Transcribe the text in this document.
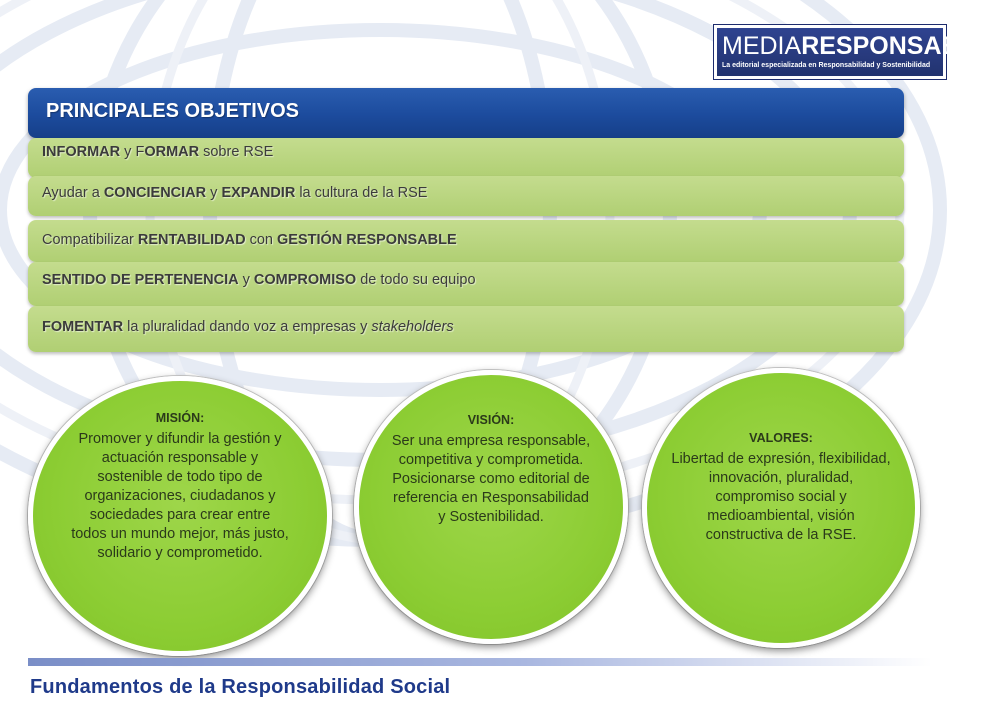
MEDIARESPONSABLE®
La editorial especializada en Responsabilidad y Sostenibilidad
PRINCIPALES OBJETIVOS
INFORMAR y FORMAR sobre RSE
Ayudar a CONCIENCIAR y EXPANDIR la cultura de la RSE
Compatibilizar RENTABILIDAD con GESTIÓN RESPONSABLE
SENTIDO DE PERTENENCIA y COMPROMISO de todo su equipo
FOMENTAR la pluralidad dando voz a empresas y stakeholders
MISIÓN:
Promover y difundir la gestión y actuación responsable y sostenible de todo tipo de organizaciones, ciudadanos y sociedades para crear entre todos un mundo mejor, más justo, solidario y comprometido.
VISIÓN:
Ser una empresa responsable, competitiva y comprometida. Posicionarse como editorial de referencia en Responsabilidad y Sostenibilidad.
VALORES:
Libertad de expresión, flexibilidad, innovación, pluralidad, compromiso social y medioambiental, visión constructiva de la RSE.
Fundamentos de la Responsabilidad Social
